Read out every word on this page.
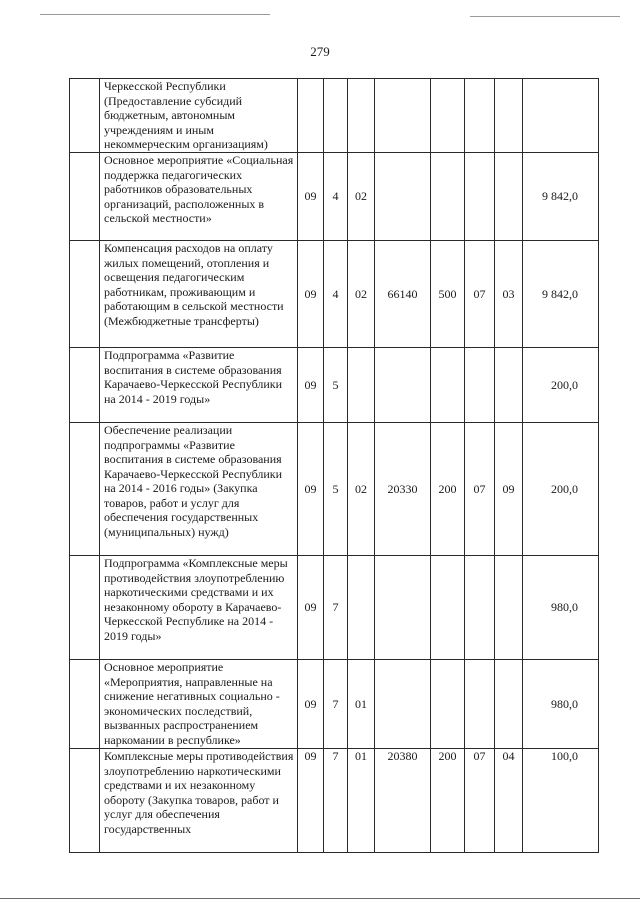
279
	Черкесской Республики
(Предоставление субсидий бюджетным, автономным учреждениям и иным некоммерческим организациям)								
	Основное мероприятие «Социальная поддержка педагогических работников образовательных организаций, расположенных в сельской местности»	09	4	02					9 842,0
	Компенсация расходов на оплату жилых помещений, отопления и освещения педагогическим работникам, проживающим и работающим в сельской местности (Межбюджетные трансферты)	09	4	02	66140	500	07	03	9 842,0
	Подпрограмма «Развитие воспитания в системе образования Карачаево-Черкесской Республики на 2014 - 2019 годы»	09	5						200,0
	Обеспечение реализации подпрограммы «Развитие воспитания в системе образования Карачаево-Черкесской Республики на 2014 - 2016 годы» (Закупка товаров, работ и услуг для обеспечения государственных (муниципальных) нужд)	09	5	02	20330	200	07	09	200,0
	Подпрограмма «Комплексные меры противодействия злоупотреблению наркотическими средствами и их незаконному обороту в Карачаево-Черкесской Республике на 2014 - 2019 годы»	09	7						980,0
	Основное мероприятие «Мероприятия, направленные на снижение негативных социально - экономических последствий, вызванных распространением наркомании в республике»	09	7	01					980,0
	Комплексные меры противодействия злоупотреблению наркотическими средствами и их незаконному обороту (Закупка товаров, работ и услуг для обеспечения государственных	09	7	01	20380	200	07	04	100,0
